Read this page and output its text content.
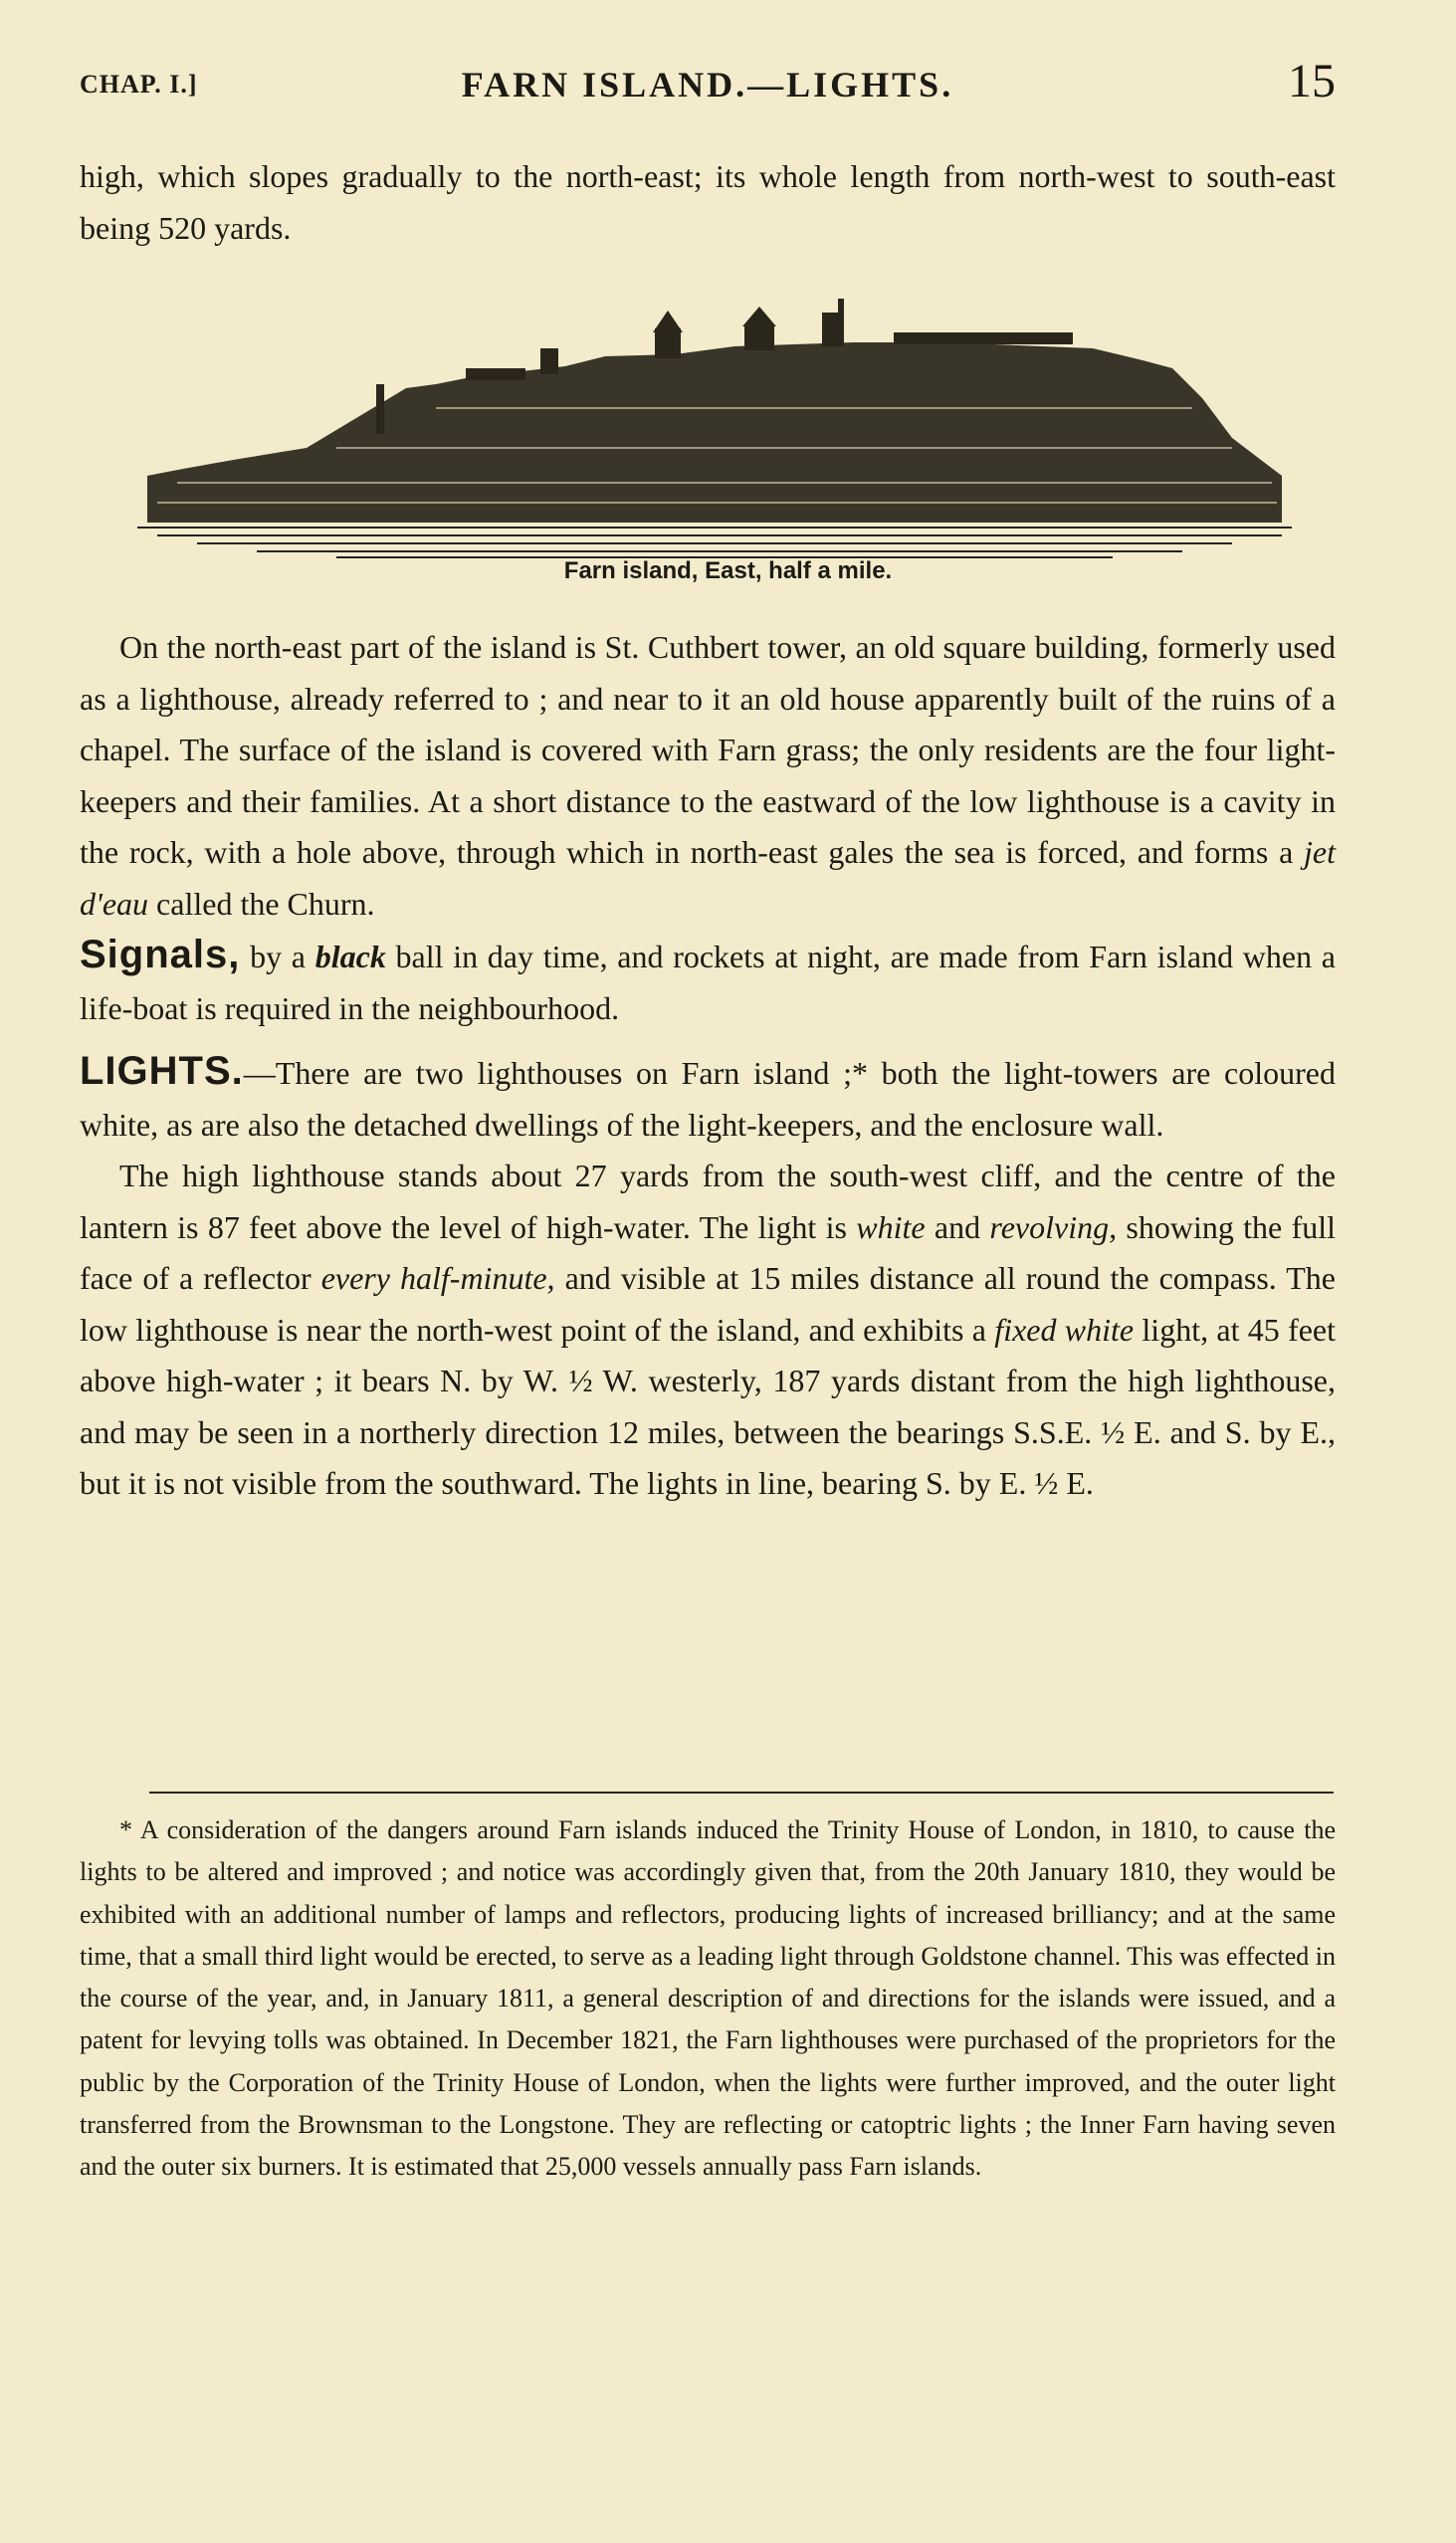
CHAP. I.]	FARN ISLAND.—LIGHTS.	15

high, which slopes gradually to the north-east; its whole length from north-west to south-east being 520 yards.

Farn island, East, half a mile.

On the north-east part of the island is St. Cuthbert tower, an old square building, formerly used as a lighthouse, already referred to ; and near to it an old house apparently built of the ruins of a chapel. The surface of the island is covered with Farn grass; the only residents are the four light-keepers and their families. At a short distance to the eastward of the low lighthouse is a cavity in the rock, with a hole above, through which in north-east gales the sea is forced, and forms a jet d'eau called the Churn.

Signals, by a black ball in day time, and rockets at night, are made from Farn island when a life-boat is required in the neighbourhood.

LIGHTS.—There are two lighthouses on Farn island ;* both the light-towers are coloured white, as are also the detached dwellings of the light-keepers, and the enclosure wall.

The high lighthouse stands about 27 yards from the south-west cliff, and the centre of the lantern is 87 feet above the level of high-water. The light is white and revolving, showing the full face of a reflector every half-minute, and visible at 15 miles distance all round the compass. The low lighthouse is near the north-west point of the island, and exhibits a fixed white light, at 45 feet above high-water ; it bears N. by W. ½ W. westerly, 187 yards distant from the high lighthouse, and may be seen in a northerly direction 12 miles, between the bearings S.S.E. ½ E. and S. by E., but it is not visible from the southward. The lights in line, bearing S. by E. ½ E.

* A consideration of the dangers around Farn islands induced the Trinity House of London, in 1810, to cause the lights to be altered and improved ; and notice was accordingly given that, from the 20th January 1810, they would be exhibited with an additional number of lamps and reflectors, producing lights of increased brilliancy; and at the same time, that a small third light would be erected, to serve as a leading light through Goldstone channel. This was effected in the course of the year, and, in January 1811, a general description of and directions for the islands were issued, and a patent for levying tolls was obtained. In December 1821, the Farn lighthouses were purchased of the proprietors for the public by the Corporation of the Trinity House of London, when the lights were further improved, and the outer light transferred from the Brownsman to the Longstone. They are reflecting or catoptric lights ; the Inner Farn having seven and the outer six burners. It is estimated that 25,000 vessels annually pass Farn islands.
